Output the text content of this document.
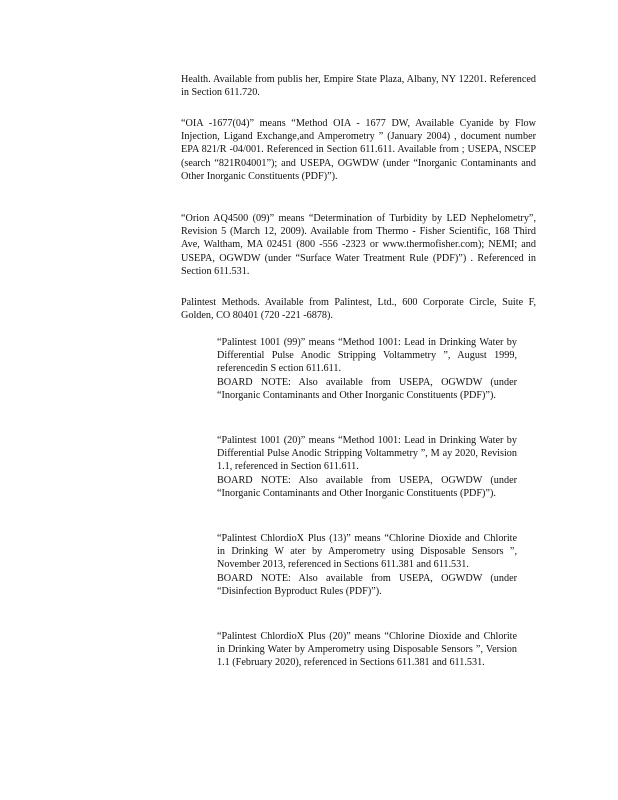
Health. Available from publis her, Empire State Plaza, Albany, NY 12201. Referenced in Section 611.720.

“OIA -1677(04)” means “Method OIA - 1677 DW, Available Cyanide by Flow Injection, Ligand Exchange,and Amperometry ” (January 2004) , document number EPA 821/R -04/001. Referenced in Section 611.611. Available from ; USEPA, NSCEP (search “821R04001”); and USEPA, OGWDW (under “Inorganic Contaminants and Other Inorganic Constituents (PDF)”).

“Orion AQ4500 (09)” means “Determination of Turbidity by LED Nephelometry”, Revision 5 (March 12, 2009). Available from Thermo - Fisher Scientific, 168 Third Ave, Waltham, MA 02451 (800 -556 -2323 or www.thermofisher.com); NEMI; and USEPA, OGWDW (under “Surface Water Treatment Rule (PDF)”) . Referenced in Section 611.531.

Palintest Methods. Available from Palintest, Ltd., 600 Corporate Circle, Suite F, Golden, CO 80401 (720 -221 -6878).

“Palintest 1001 (99)” means “Method 1001: Lead in Drinking Water by Differential Pulse Anodic Stripping Voltammetry ”, August 1999, referencedin S ection 611.611.
BOARD NOTE: Also available from USEPA, OGWDW (under “Inorganic Contaminants and Other Inorganic Constituents (PDF)”).
“Palintest 1001 (20)” means “Method 1001: Lead in Drinking Water by Differential Pulse Anodic Stripping Voltammetry ”, M ay 2020, Revision 1.1, referenced in Section 611.611.
BOARD NOTE: Also available from USEPA, OGWDW (under “Inorganic Contaminants and Other Inorganic Constituents (PDF)”).
“Palintest ChlordioX Plus (13)” means “Chlorine Dioxide and Chlorite in Drinking W ater by Amperometry using Disposable Sensors ”, November 2013, referenced in Sections 611.381 and 611.531.
BOARD NOTE: Also available from USEPA, OGWDW (under “Disinfection Byproduct Rules (PDF)”).
“Palintest ChlordioX Plus (20)” means “Chlorine Dioxide and Chlorite in Drinking Water by Amperometry using Disposable Sensors ”, Version 1.1 (February 2020), referenced in Sections 611.381 and 611.531.
